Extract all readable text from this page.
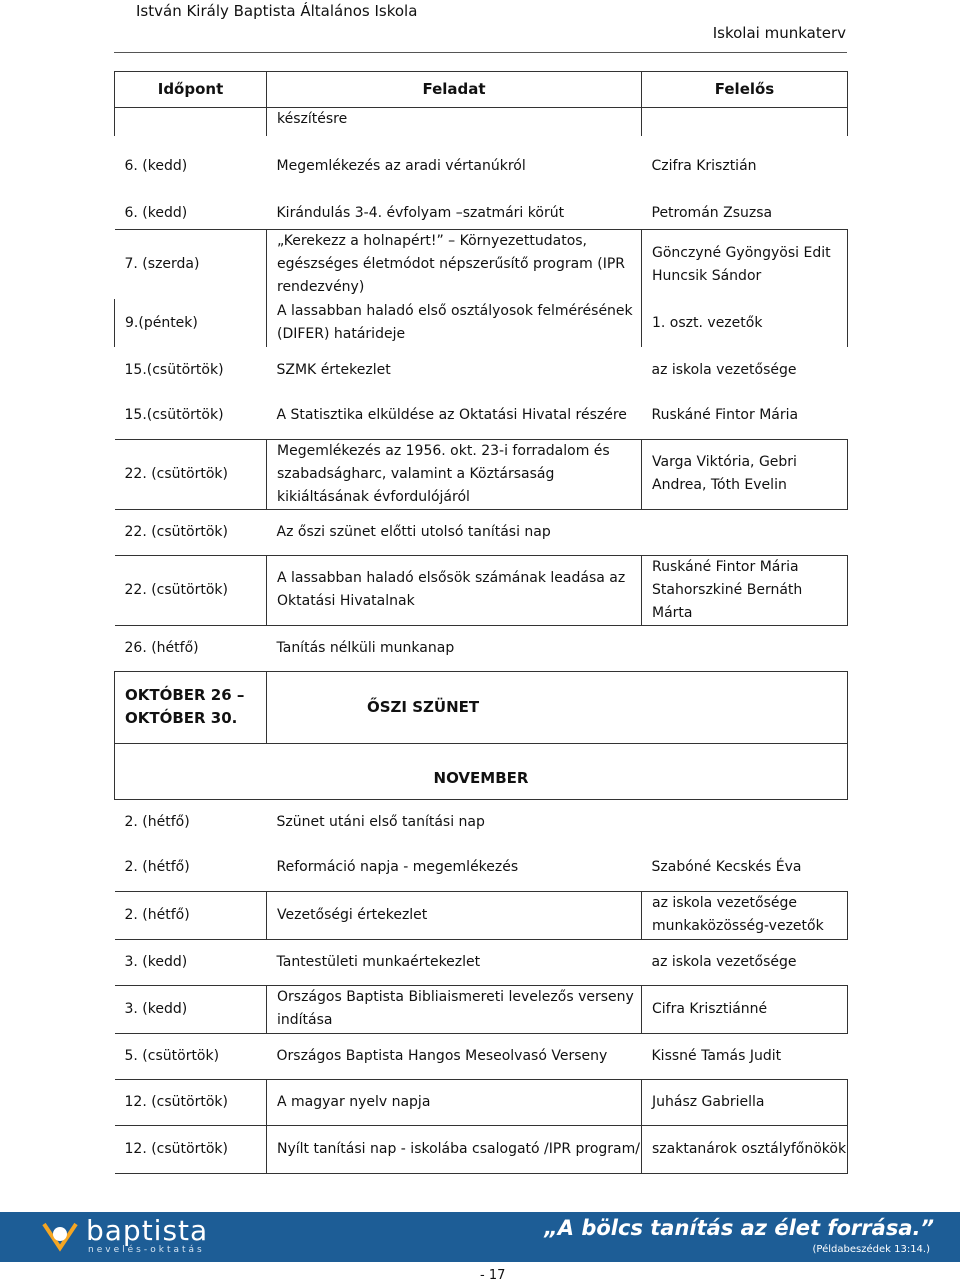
István Király Baptista Általános Iskola
Iskolai munkaterv
Időpont	Feladat	Felelős
	készítésre	
6. (kedd)	Megemlékezés az aradi vértanúkról	Czifra Krisztián
6. (kedd)	Kirándulás 3-4. évfolyam –szatmári körút	Petromán Zsuzsa
7. (szerda)	„Kerekezz a holnapért!” – Környezettudatos, egészséges életmódot népszerűsítő program (IPR rendezvény)	Gönczyné Gyöngyösi Edit Huncsik Sándor
9.(péntek)	A lassabban haladó első osztályosok felmérésének (DIFER) határideje	1. oszt. vezetők
15.(csütörtök)	SZMK értekezlet	az iskola vezetősége
15.(csütörtök)	A Statisztika elküldése az Oktatási Hivatal részére	Ruskáné Fintor Mária
22. (csütörtök)	Megemlékezés az 1956. okt. 23-i forradalom és szabadságharc, valamint a Köztársaság kikiáltásának évfordulójáról	Varga Viktória, Gebri Andrea, Tóth Evelin
22. (csütörtök)	Az őszi szünet előtti utolsó tanítási nap	
22. (csütörtök)	A lassabban haladó elsősök számának leadása az Oktatási Hivatalnak	Ruskáné Fintor Mária Stahorszkiné Bernáth Márta
26. (hétfő)	Tanítás nélküli munkanap	
OKTÓBER 26 – OKTÓBER 30.	ŐSZI SZÜNET	
NOVEMBER		
2. (hétfő)	Szünet utáni első tanítási nap	
2. (hétfő)	Reformáció napja - megemlékezés	Szabóné Kecskés Éva
2. (hétfő)	Vezetőségi értekezlet	az iskola vezetősége munkaközösség-vezetők
3. (kedd)	Tantestületi munkaértekezlet	az iskola vezetősége
3. (kedd)	Országos Baptista Bibliaismereti levelezős verseny indítása	Cifra Krisztiánné
5. (csütörtök)	Országos Baptista Hangos Meseolvasó Verseny	Kissné Tamás Judit
12. (csütörtök)	A magyar nyelv napja	Juhász Gabriella
12. (csütörtök)	Nyílt tanítási nap - iskolába csalogató /IPR program/	szaktanárok osztályfőnökök
baptista
nevelés-oktatás
„A bölcs tanítás az élet forrása.”
(Példabeszédek 13:14.)
- 17
